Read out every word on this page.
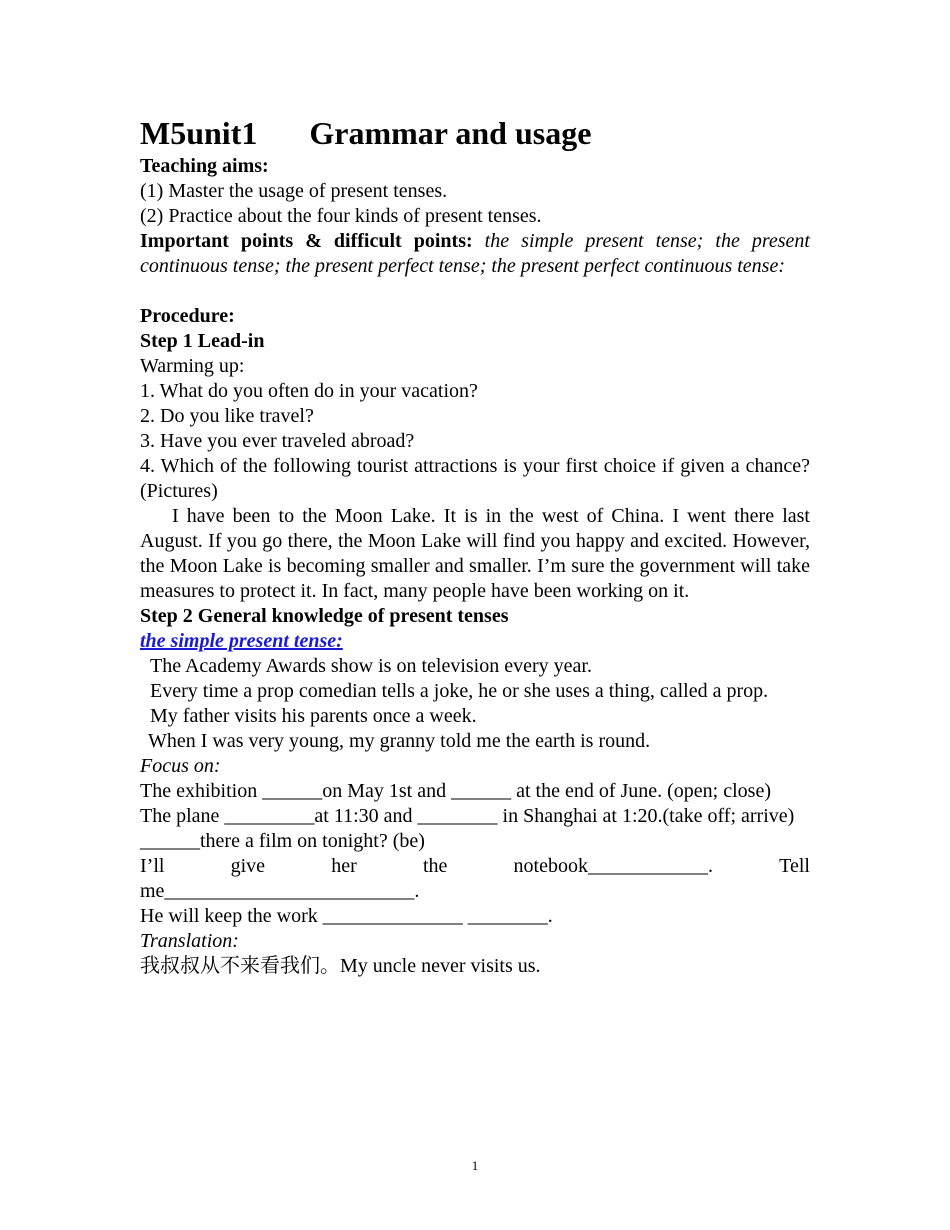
M5unit1 Grammar and usage

Teaching aims:

(1) Master the usage of present tenses.

(2) Practice about the four kinds of present tenses.

Important points & difficult points: the simple present tense; the present continuous tense; the present perfect tense; the present perfect continuous tense:

Procedure:

Step 1 Lead-in

Warming up:

1. What do you often do in your vacation?

2. Do you like travel?

3. Have you ever traveled abroad?

4. Which of the following tourist attractions is your first choice if given a chance?(Pictures)

I have been to the Moon Lake. It is in the west of China. I went there last August. If you go there, the Moon Lake will find you happy and excited. However, the Moon Lake is becoming smaller and smaller. I’m sure the government will take measures to protect it. In fact, many people have been working on it.

Step 2 General knowledge of present tenses

the simple present tense:

The Academy Awards show is on television every year.

Every time a prop comedian tells a joke, he or she uses a thing, called a prop.

My father visits his parents once a week.

When I was very young, my granny told me the earth is round.

Focus on:

The exhibition ______on May 1st and ______ at the end of June. (open; close)

The plane _________at 11:30 and ________ in Shanghai at 1:20.(take off; arrive)

______there a film on tonight? (be)

I’ll	give	her	the	notebook____________.	Tell

me_________________________.

He will keep the work ______________ ________.

Translation:

我叔叔从不来看我们。My uncle never visits us.

1
